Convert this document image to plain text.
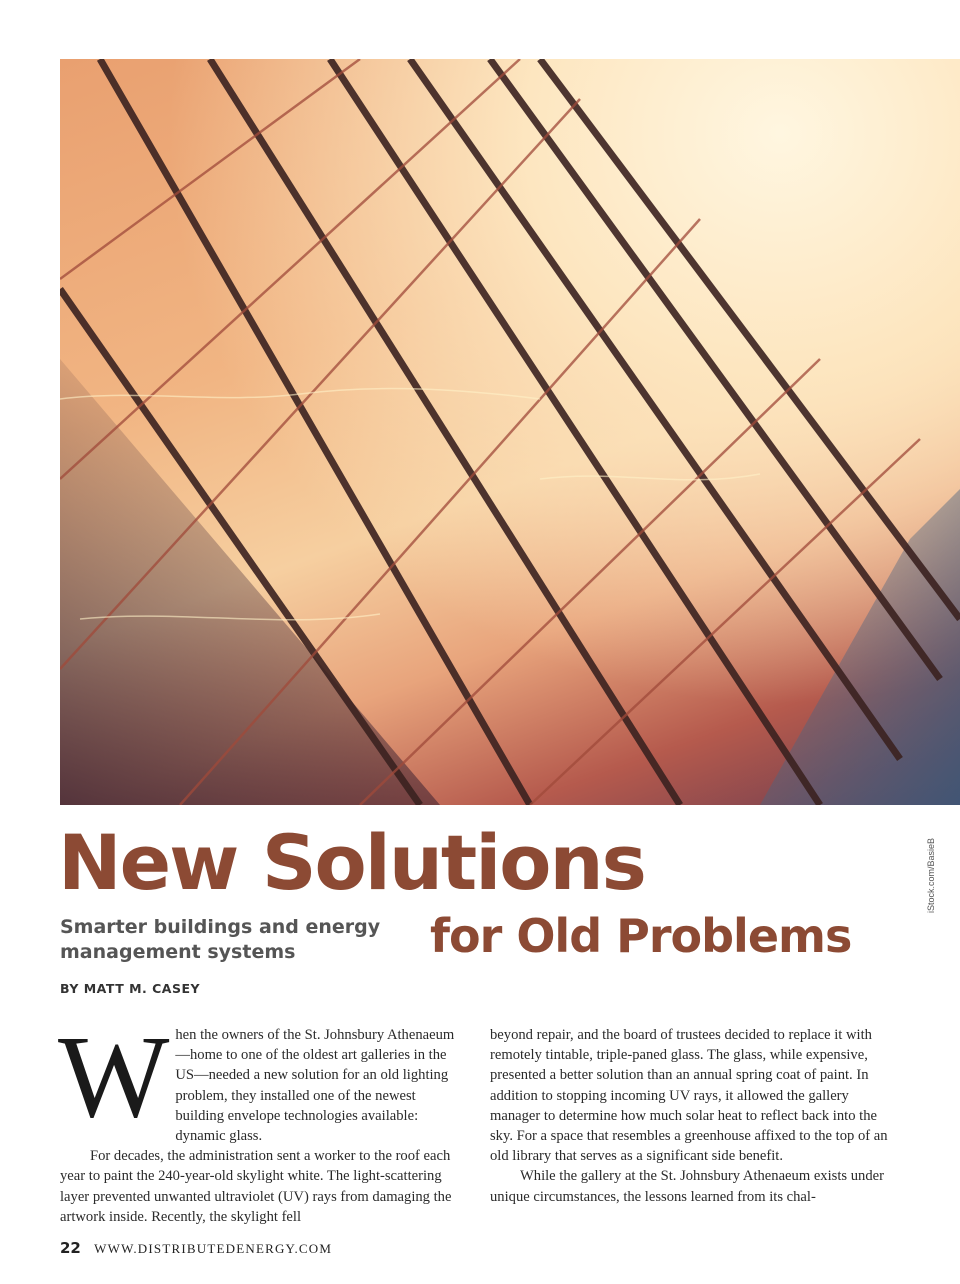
iStock.com/BasieB
New Solutions
for Old Problems
Smarter buildings and energy management systems
BY MATT M. CASEY

W hen the owners of the St. Johnsbury Athenaeum—home to one of the oldest art galleries in the US—needed a new solution for an old lighting problem, they installed one of the newest building envelope technologies available: dynamic glass.

For decades, the administration sent a worker to the roof each year to paint the 240-year-old skylight white. The light-scattering layer prevented unwanted ultraviolet (UV) rays from damaging the artwork inside. Recently, the skylight fell

beyond repair, and the board of trustees decided to replace it with remotely tintable, triple-paned glass. The glass, while expensive, presented a better solution than an annual spring coat of paint. In addition to stopping incoming UV rays, it allowed the gallery manager to determine how much solar heat to reflect back into the sky. For a space that resembles a greenhouse affixed to the top of an old library that serves as a significant side benefit.

While the gallery at the St. Johnsbury Athenaeum exists under unique circumstances, the lessons learned from its chal-

22 WWW.DISTRIBUTEDENERGY.COM
